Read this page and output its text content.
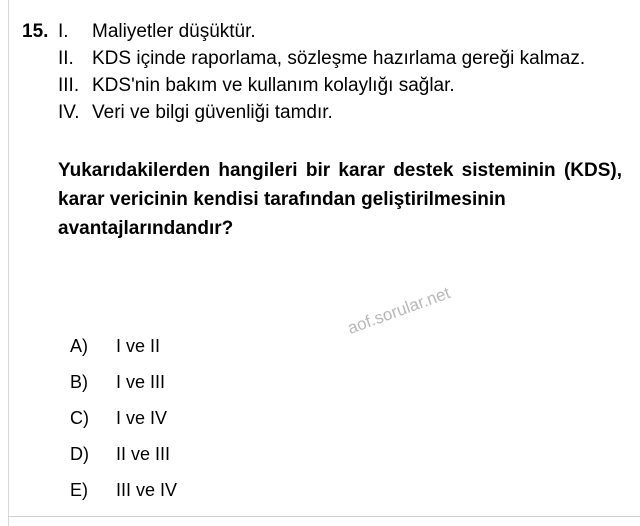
15. I.	Maliyetler düşüktür.
II. KDS içinde raporlama, sözleşme hazırlama gereği kalmaz.
III. KDS'nin bakım ve kullanım kolaylığı sağlar.
IV. Veri ve bilgi güvenliği tamdır.
Yukarıdakilerden hangileri bir karar destek sisteminin (KDS), karar vericinin kendisi tarafından geliştirilmesinin
avantajlarındandır?
A)	I ve II
B)	I ve III
C)	I ve IV
D)	II ve III
E)	III ve IV
aof.sorular.net
